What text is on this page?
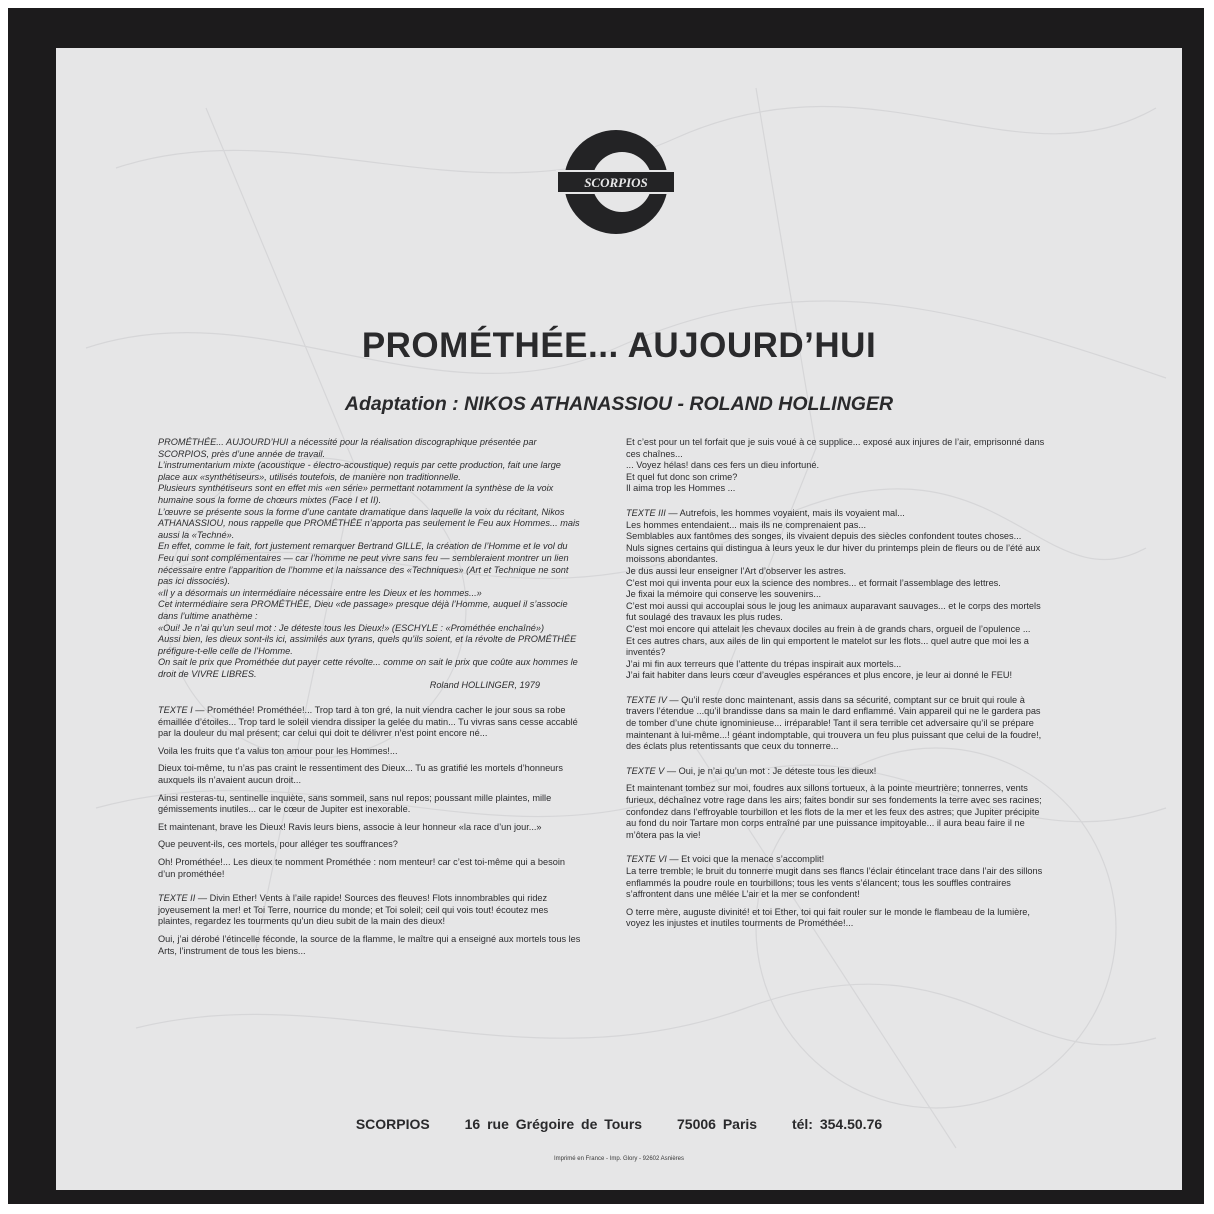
SCORPIOS
PROMÉTHÉE... AUJOURD’HUI
Adaptation : NIKOS ATHANASSIOU - ROLAND HOLLINGER

PROMÉTHÉE... AUJOURD’HUI a nécessité pour la réalisation discographique présentée par SCORPIOS, près d’une année de travail.

L’instrumentarium mixte (acoustique - électro-acoustique) requis par cette production, fait une large place aux «synthétiseurs», utilisés toutefois, de manière non traditionnelle.

Plusieurs synthétiseurs sont en effet mis «en série» permettant notamment la synthèse de la voix humaine sous la forme de chœurs mixtes (Face I et II).

L’œuvre se présente sous la forme d’une cantate dramatique dans laquelle la voix du récitant, Nikos ATHANASSIOU, nous rappelle que PROMÉTHÉE n’apporta pas seulement le Feu aux Hommes... mais aussi la «Techné».

En effet, comme le fait, fort justement remarquer Bertrand GILLE, la création de l’Homme et le vol du Feu qui sont complémentaires — car l’homme ne peut vivre sans feu — sembleraient montrer un lien nécessaire entre l’apparition de l’homme et la naissance des «Techniques» (Art et Technique ne sont pas ici dissociés).

«Il y a désormais un intermédiaire nécessaire entre les Dieux et les hommes...»

Cet intermédiaire sera PROMÉTHÉE, Dieu «de passage» presque déjà l’Homme, auquel il s’associe dans l’ultime anathème :

«Oui! Je n’ai qu’un seul mot : Je déteste tous les Dieux!» (ESCHYLE : «Prométhée enchaîné»)

Aussi bien, les dieux sont-ils ici, assimilés aux tyrans, quels qu’ils soient, et la révolte de PROMÉTHÉE préfigure-t-elle celle de l’Homme.

On sait le prix que Prométhée dut payer cette révolte... comme on sait le prix que coûte aux hommes le droit de VIVRE LIBRES.

Roland HOLLINGER, 1979

TEXTE I — Prométhée! Prométhée!... Trop tard à ton gré, la nuit viendra cacher le jour sous sa robe émaillée d’étoiles... Trop tard le soleil viendra dissiper la gelée du matin... Tu vivras sans cesse accablé par la douleur du mal présent; car celui qui doit te délivrer n’est point encore né...

Voila les fruits que t’a valus ton amour pour les Hommes!...

Dieux toi-même, tu n’as pas craint le ressentiment des Dieux... Tu as gratifié les mortels d’honneurs auxquels ils n’avaient aucun droit...

Ainsi resteras-tu, sentinelle inquiète, sans sommeil, sans nul repos; poussant mille plaintes, mille gémissements inutiles... car le cœur de Jupiter est inexorable.

Et maintenant, brave les Dieux! Ravis leurs biens, associe à leur honneur «la race d’un jour...»

Que peuvent-ils, ces mortels, pour alléger tes souffrances?

Oh! Prométhée!... Les dieux te nomment Prométhée : nom menteur! car c’est toi-même qui a besoin d’un prométhée!

TEXTE II — Divin Ether! Vents à l’aile rapide! Sources des fleuves! Flots innombrables qui ridez joyeusement la mer! et Toi Terre, nourrice du monde; et Toi soleil; ceil qui vois tout! écoutez mes plaintes, regardez les tourments qu’un dieu subit de la main des dieux!

Oui, j’ai dérobé l’étincelle féconde, la source de la flamme, le maître qui a enseigné aux mortels tous les Arts, l’instrument de tous les biens...

Et c’est pour un tel forfait que je suis voué à ce supplice... exposé aux injures de l’air, emprisonné dans ces chaînes...

... Voyez hélas! dans ces fers un dieu infortuné.

Et quel fut donc son crime?

Il aima trop les Hommes ...

TEXTE III — Autrefois, les hommes voyaient, mais ils voyaient mal...

Les hommes entendaient... mais ils ne comprenaient pas...

Semblables aux fantômes des songes, ils vivaient depuis des siècles confondent toutes choses...

Nuls signes certains qui distingua à leurs yeux le dur hiver du printemps plein de fleurs ou de l’été aux moissons abondantes.

Je dus aussi leur enseigner l’Art d’observer les astres.

C’est moi qui inventa pour eux la science des nombres... et formait l’assemblage des lettres.

Je fixai la mémoire qui conserve les souvenirs...

C’est moi aussi qui accouplai sous le joug les animaux auparavant sauvages... et le corps des mortels fut soulagé des travaux les plus rudes.

C’est moi encore qui attelait les chevaux dociles au frein à de grands chars, orgueil de l’opulence ...

Et ces autres chars, aux ailes de lin qui emportent le matelot sur les flots... quel autre que moi les a inventés?

J’ai mi fin aux terreurs que l’attente du trépas inspirait aux mortels...

J’ai fait habiter dans leurs cœur d’aveugles espérances et plus encore, je leur ai donné le FEU!

TEXTE IV — Qu’il reste donc maintenant, assis dans sa sécurité, comptant sur ce bruit qui roule à travers l’étendue ...qu’il brandisse dans sa main le dard enflammé. Vain appareil qui ne le gardera pas de tomber d’une chute ignominieuse... irréparable! Tant il sera terrible cet adversaire qu’il se prépare maintenant à lui-même...! géant indomptable, qui trouvera un feu plus puissant que celui de la foudre!, des éclats plus retentissants que ceux du tonnerre...

TEXTE V — Oui, je n’ai qu’un mot : Je déteste tous les dieux!

Et maintenant tombez sur moi, foudres aux sillons tortueux, à la pointe meurtrière; tonnerres, vents furieux, déchaînez votre rage dans les airs; faites bondir sur ses fondements la terre avec ses racines; confondez dans l’effroyable tourbillon et les flots de la mer et les feux des astres; que Jupiter précipite au fond du noir Tartare mon corps entraîné par une puissance impitoyable... il aura beau faire il ne m’ôtera pas la vie!

TEXTE VI — Et voici que la menace s’accomplit!

La terre tremble; le bruit du tonnerre mugit dans ses flancs l’éclair étincelant trace dans l’air des sillons enflammés la poudre roule en tourbillons; tous les vents s’élancent; tous les souffles contraires s’affrontent dans une mêlée L’air et la mer se confondent!

O terre mère, auguste divinité! et toi Ether, toi qui fait rouler sur le monde le flambeau de la lumière, voyez les injustes et inutiles tourments de Prométhée!...

SCORPIOS 16 rue Grégoire de Tours 75006 Paris tél: 354.50.76
Imprimé en France - Imp. Glory - 92602 Asnières
